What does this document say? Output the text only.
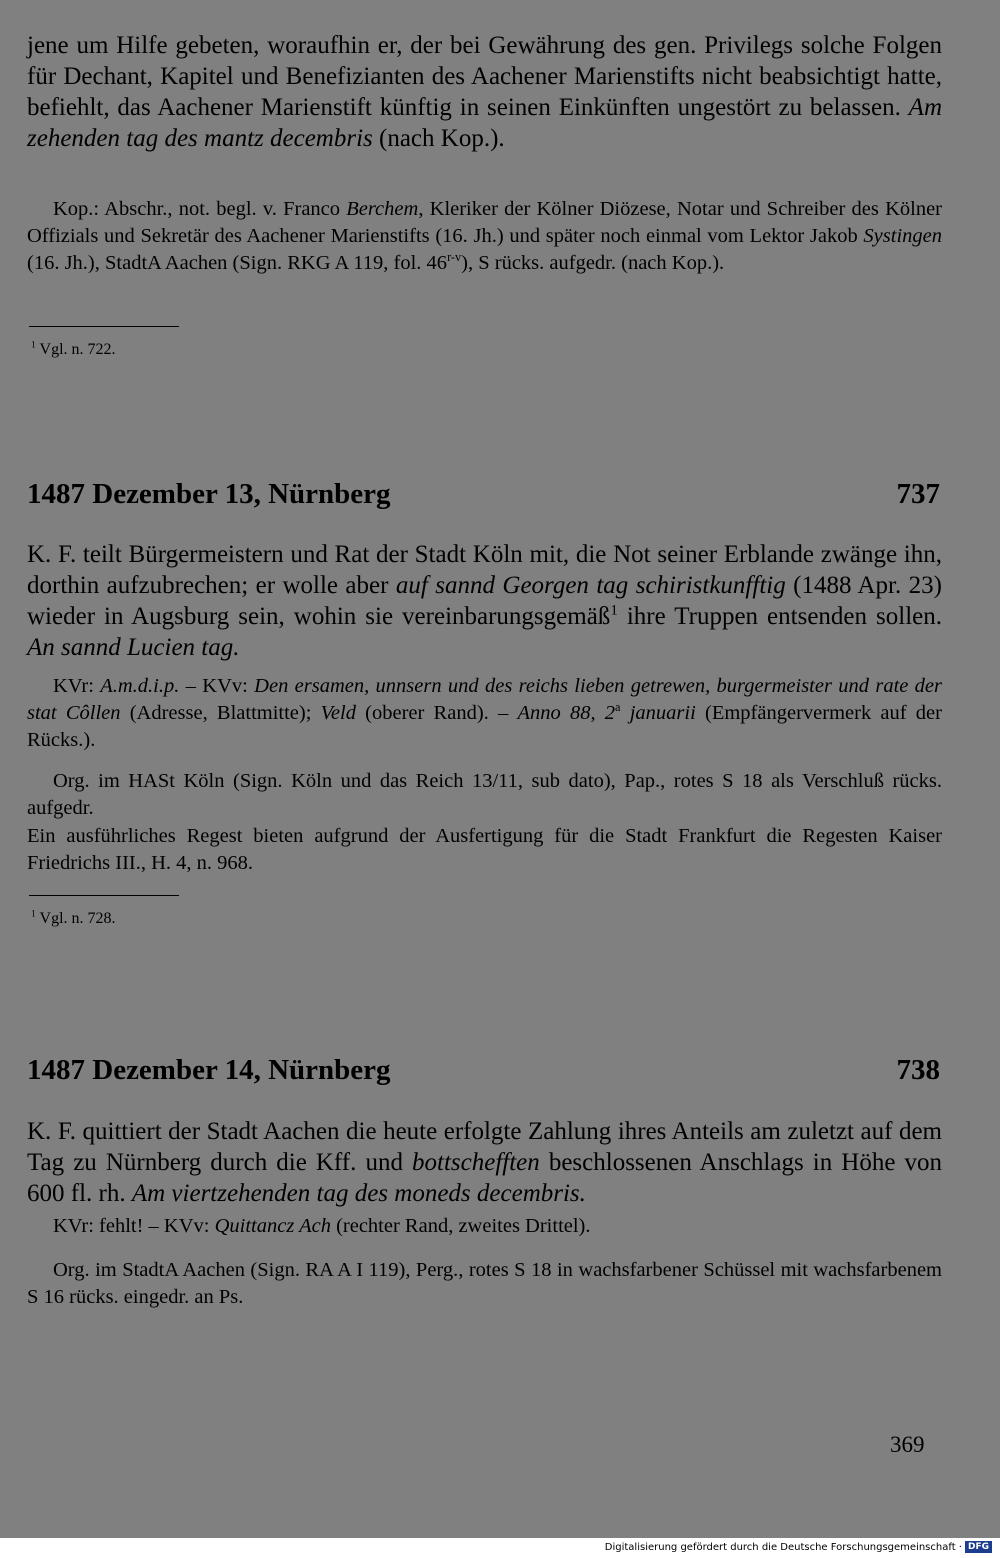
jene um Hilfe gebeten, woraufhin er, der bei Gewährung des gen. Privilegs solche Folgen für Dechant, Kapitel und Benefizianten des Aachener Marienstifts nicht beabsichtigt hatte, befiehlt, das Aachener Marienstift künftig in seinen Einkünften ungestört zu belassen. Am zehenden tag des mantz decembris (nach Kop.).
Kop.: Abschr., not. begl. v. Franco Berchem, Kleriker der Kölner Diözese, Notar und Schreiber des Kölner Offizials und Sekretär des Aachener Marienstifts (16. Jh.) und später noch einmal vom Lektor Jakob Systingen (16. Jh.), StadtA Aachen (Sign. RKG A 119, fol. 46$^{r-v}$), S rücks. aufgedr. (nach Kop.).
$^1$ Vgl. n. 722.
1487 Dezember 13, Nürnberg	737
K. F. teilt Bürgermeistern und Rat der Stadt Köln mit, die Not seiner Erblande zwänge ihn, dorthin aufzubrechen; er wolle aber auf sannd Georgen tag schiristkunfftig (1488 Apr. 23) wieder in Augsburg sein, wohin sie vereinbarungsgemäß$^1$ ihre Truppen entsenden sollen. An sannd Lucien tag.
KVr: A.m.d.i.p. – KVv: Den ersamen, unnsern und des reichs lieben getrewen, burgermeister und rate der stat Côllen (Adresse, Blattmitte); Veld (oberer Rand). – Anno 88, 2$^a$ januarii (Empfängervermerk auf der Rücks.).
Org. im HASt Köln (Sign. Köln und das Reich 13/11, sub dato), Pap., rotes S 18 als Verschluß rücks. aufgedr.
Ein ausführliches Regest bieten aufgrund der Ausfertigung für die Stadt Frankfurt die Regesten Kaiser Friedrichs III., H. 4, n. 968.
$^1$ Vgl. n. 728.
1487 Dezember 14, Nürnberg	738
K. F. quittiert der Stadt Aachen die heute erfolgte Zahlung ihres Anteils am zuletzt auf dem Tag zu Nürnberg durch die Kff. und bottschefften beschlossenen Anschlags in Höhe von 600 fl. rh. Am viertzehenden tag des moneds decembris.
KVr: fehlt! – KVv: Quittancz Ach (rechter Rand, zweites Drittel).
Org. im StadtA Aachen (Sign. RA A I 119), Perg., rotes S 18 in wachsfarbener Schüssel mit wachsfarbenem S 16 rücks. eingedr. an Ps.
369
Digitalisierung gefördert durch die Deutsche Forschungsgemeinschaft · DFG
